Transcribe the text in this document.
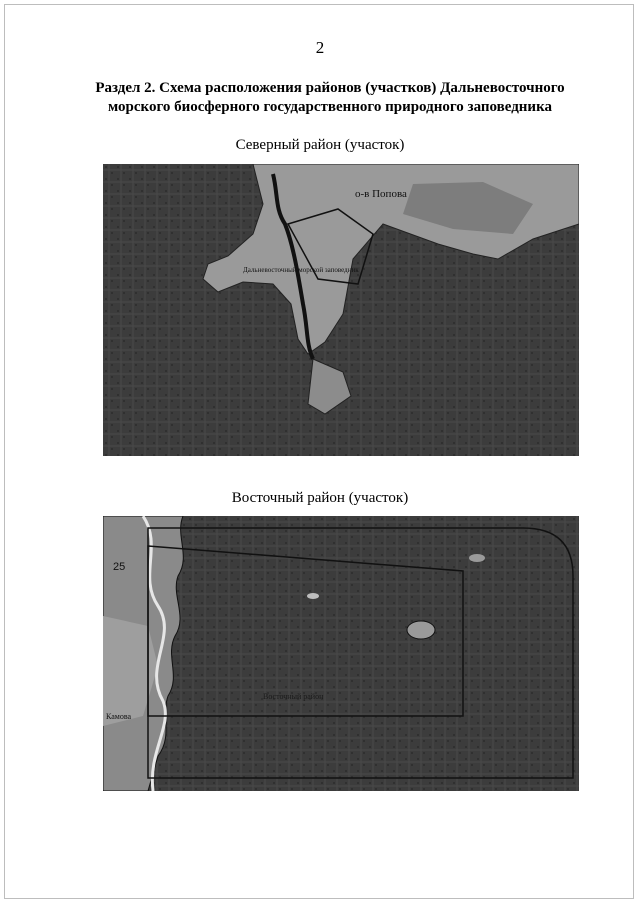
2
Раздел 2. Схема расположения районов (участков) Дальневосточного
морского биосферного государственного природного заповедника
Северный район (участок)
о-в Попова
Дальневосточный морской заповедник
Восточный район (участок)
25
Камова
Восточный район
